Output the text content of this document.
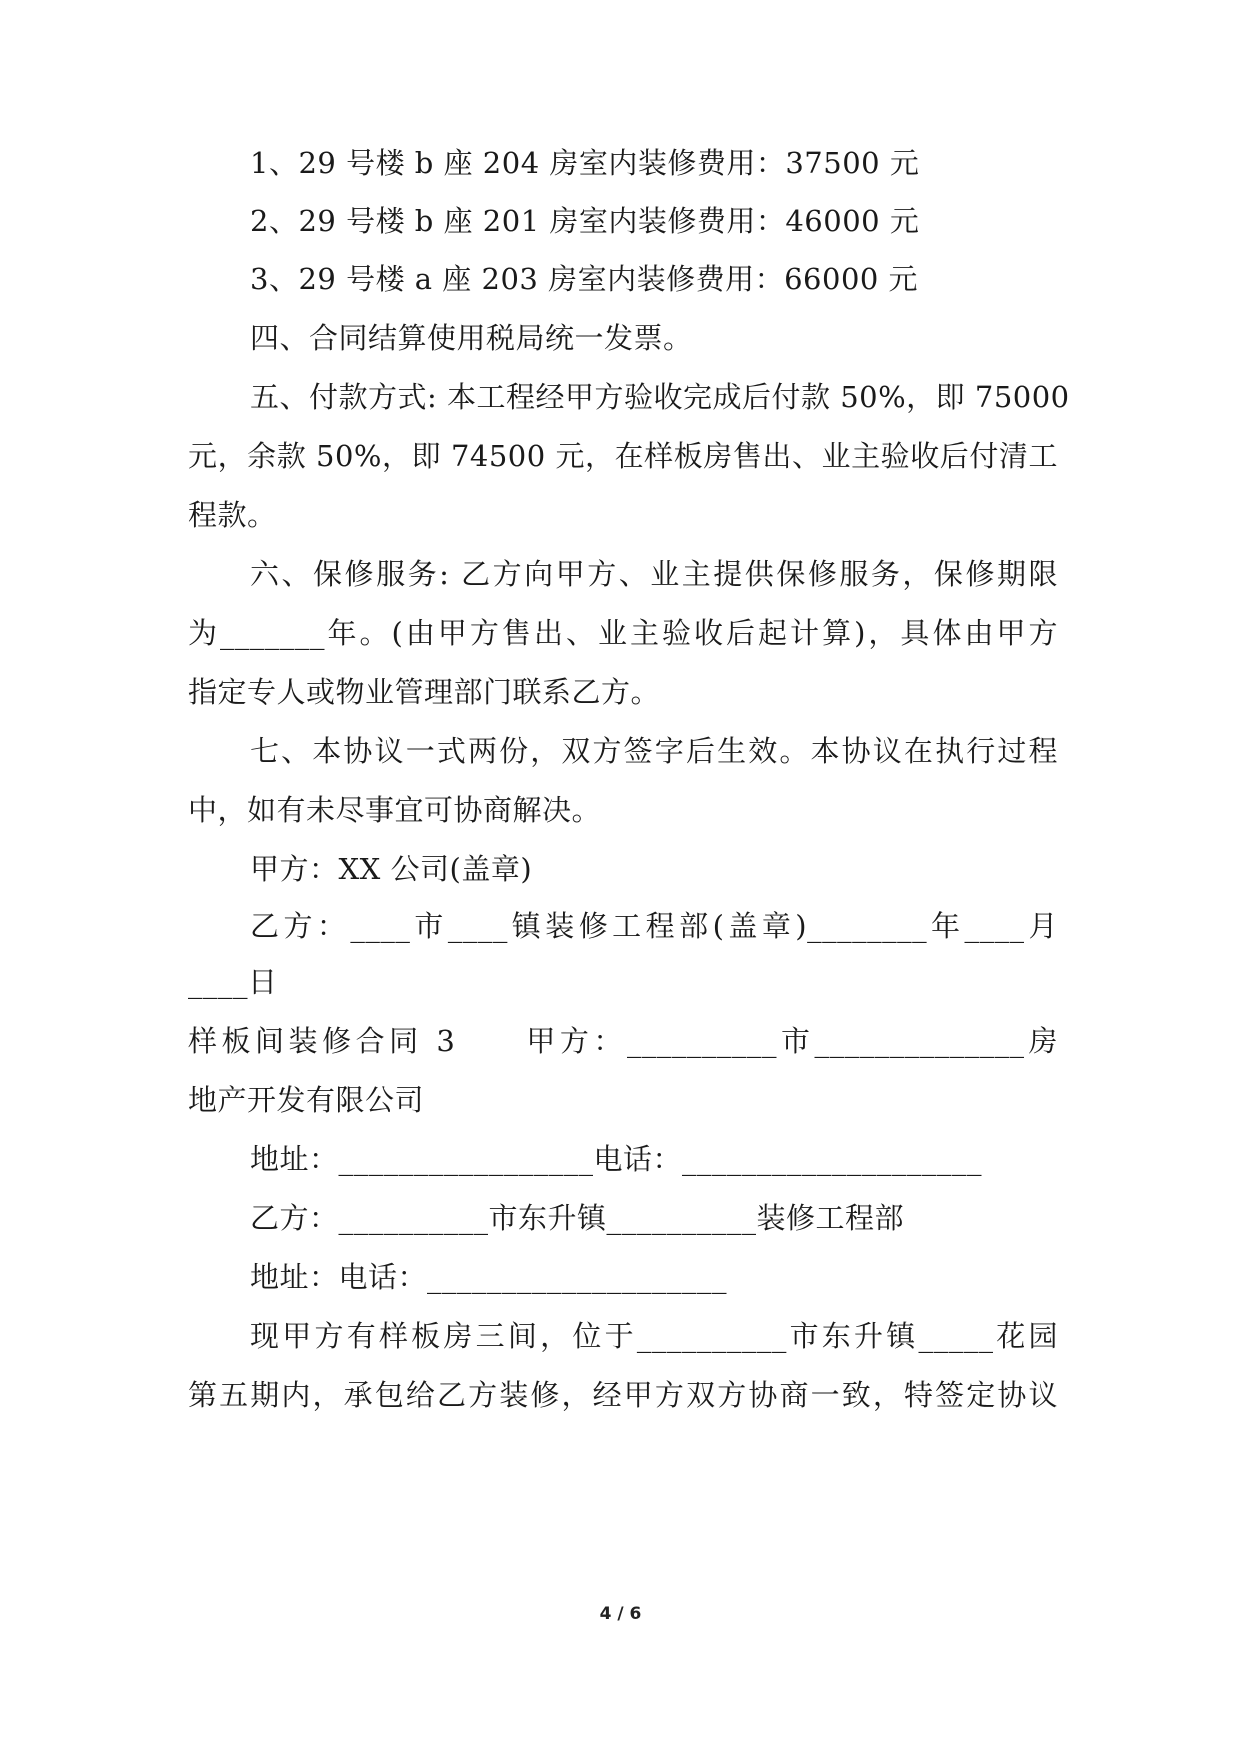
1、29 号楼 b 座 204 房室内装修费用：37500 元
2、29 号楼 b 座 201 房室内装修费用：46000 元
3、29 号楼 a 座 203 房室内装修费用：66000 元
四、合同结算使用税局统一发票。
五、付款方式: 本工程经甲方验收完成后付款 50%，即 75000
元，余款 50%，即 74500 元，在样板房售出、业主验收后付清工
程款。
六、保修服务: 乙方向甲方、业主提供保修服务，保修期限
为_______年。(由甲方售出、业主验收后起计算)，具体由甲方
指定专人或物业管理部门联系乙方。
七、本协议一式两份，双方签字后生效。本协议在执行过程
中，如有未尽事宜可协商解决。
甲方：XX 公司(盖章)
乙方：____市____镇装修工程部(盖章)________年____月
____日
样板间装修合同 3　　甲方：__________市______________房
地产开发有限公司
地址：_________________电话：____________________
乙方：__________市东升镇__________装修工程部
地址：电话：____________________
现甲方有样板房三间，位于__________市东升镇_____花园
第五期内，承包给乙方装修，经甲方双方协商一致，特签定协议
4 / 6
